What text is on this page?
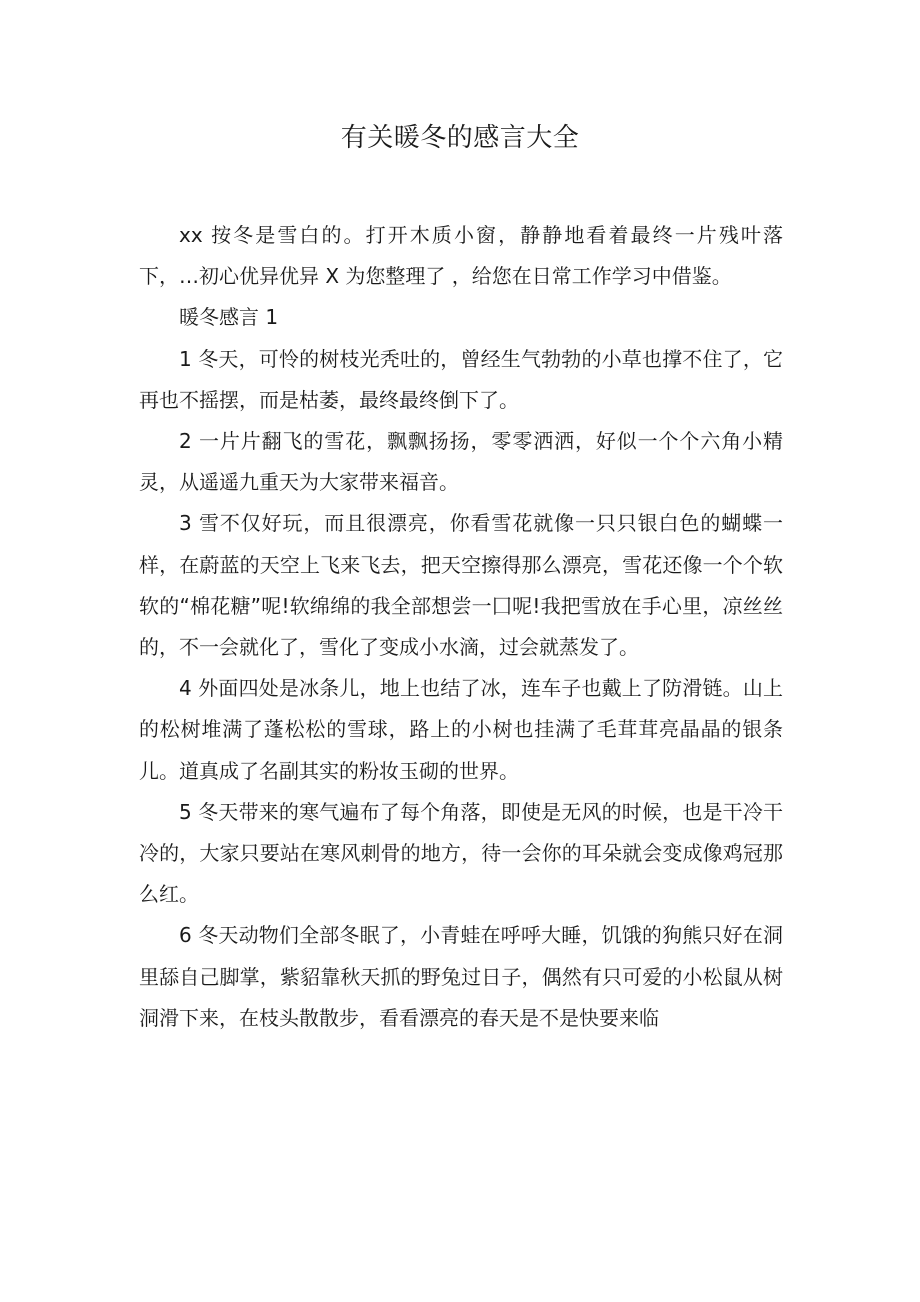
有关暖冬的感言大全

xx 按冬是雪白的。打开木质小窗，静静地看着最终一片残叶落下，…初心优异优异 X 为您整理了 ，给您在日常工作学习中借鉴。

暖冬感言 1

1 冬天，可怜的树枝光秃吐的，曾经生气勃勃的小草也撑不住了，它再也不摇摆，而是枯萎，最终最终倒下了。

2 一片片翻飞的雪花，飘飘扬扬，零零洒洒，好似一个个六角小精灵，从遥遥九重天为大家带来福音。

3 雪不仅好玩，而且很漂亮，你看雪花就像一只只银白色的蝴蝶一样，在蔚蓝的天空上飞来飞去，把天空擦得那么漂亮，雪花还像一个个软软的“棉花糖”呢!软绵绵的我全部想尝一囗呢!我把雪放在手心里，凉丝丝的，不一会就化了，雪化了变成小水滴，过会就蒸发了。

4 外面四处是冰条儿，地上也结了冰，连车子也戴上了防滑链。山上的松树堆满了蓬松松的雪球，路上的小树也挂满了毛茸茸亮晶晶的银条儿。道真成了名副其实的粉妆玉砌的世界。

5 冬天带来的寒气遍布了每个角落，即使是无风的时候，也是干冷干冷的，大家只要站在寒风刺骨的地方，待一会你的耳朵就会变成像鸡冠那么红。

6 冬天动物们全部冬眠了，小青蛙在呼呼大睡，饥饿的狗熊只好在洞里舔自己脚掌，紫貂靠秋天抓的野兔过日子，偶然有只可爱的小松鼠从树洞滑下来，在枝头散散步，看看漂亮的春天是不是快要来临
